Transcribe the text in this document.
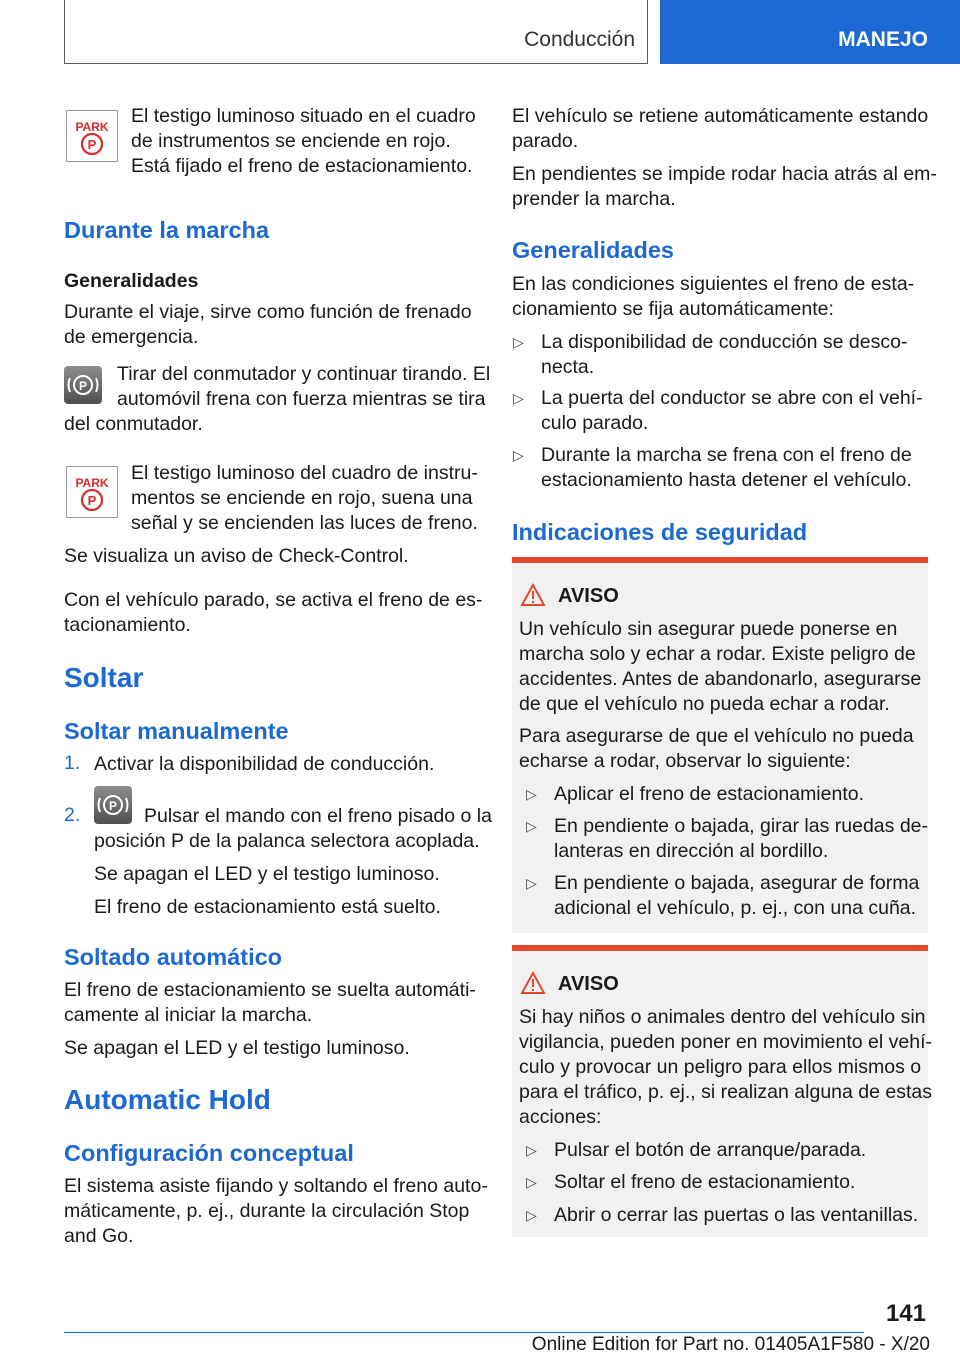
Conducción	MANEJO
PARK
P
El testigo luminoso situado en el cuadro
de instrumentos se enciende en rojo.
Está fijado el freno de estacionamiento.
Durante la marcha
Generalidades
Durante el viaje, sirve como función de frenado
de emergencia.
P
Tirar del conmutador y continuar tirando. El
automóvil frena con fuerza mientras se tira
del conmutador.
PARK
P
El testigo luminoso del cuadro de instru-
mentos se enciende en rojo, suena una
señal y se encienden las luces de freno.
Se visualiza un aviso de Check-Control.
Con el vehículo parado, se activa el freno de es-
tacionamiento.
Soltar
Soltar manualmente
1. Activar la disponibilidad de conducción.
2. P Pulsar el mando con el freno pisado o la
posición P de la palanca selectora acoplada.
Se apagan el LED y el testigo luminoso.
El freno de estacionamiento está suelto.
Soltado automático
El freno de estacionamiento se suelta automáti-
camente al iniciar la marcha.
Se apagan el LED y el testigo luminoso.
Automatic Hold
Configuración conceptual
El sistema asiste fijando y soltando el freno auto-
máticamente, p. ej., durante la circulación Stop
and Go.
El vehículo se retiene automáticamente estando
parado.
En pendientes se impide rodar hacia atrás al em-
prender la marcha.
Generalidades
En las condiciones siguientes el freno de esta-
cionamiento se fija automáticamente:
▷ La disponibilidad de conducción se desco-
necta.
▷ La puerta del conductor se abre con el vehí-
culo parado.
▷ Durante la marcha se frena con el freno de
estacionamiento hasta detener el vehículo.
Indicaciones de seguridad
AVISO
Un vehículo sin asegurar puede ponerse en
marcha solo y echar a rodar. Existe peligro de
accidentes. Antes de abandonarlo, asegurarse
de que el vehículo no pueda echar a rodar.
Para asegurarse de que el vehículo no pueda
echarse a rodar, observar lo siguiente:
▷ Aplicar el freno de estacionamiento.
▷ En pendiente o bajada, girar las ruedas de-
lanteras en dirección al bordillo.
▷ En pendiente o bajada, asegurar de forma
adicional el vehículo, p. ej., con una cuña.
AVISO
Si hay niños o animales dentro del vehículo sin
vigilancia, pueden poner en movimiento el vehí-
culo y provocar un peligro para ellos mismos o
para el tráfico, p. ej., si realizan alguna de estas
acciones:
▷ Pulsar el botón de arranque/parada.
▷ Soltar el freno de estacionamiento.
▷ Abrir o cerrar las puertas o las ventanillas.
141
Online Edition for Part no. 01405A1F580 - X/20
